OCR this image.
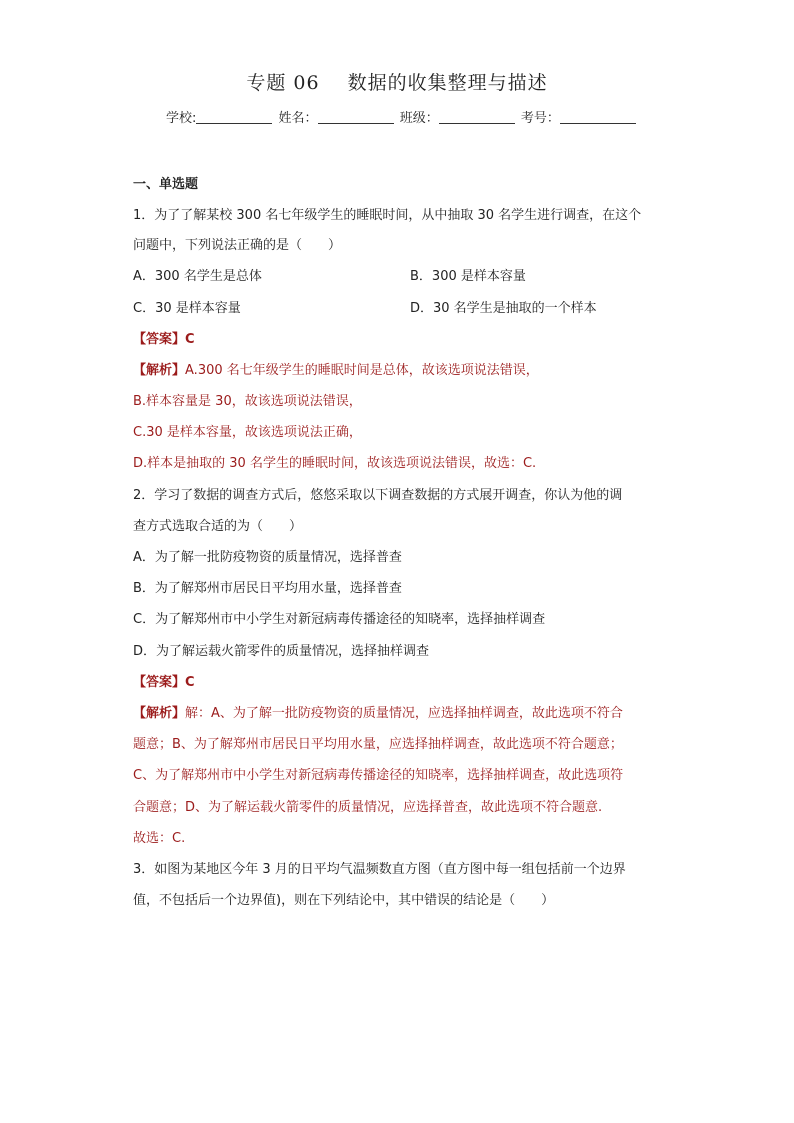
专题 06 数据的收集整理与描述
学校:	姓名：	班级：	考号：
一、单选题
1．为了了解某校 300 名七年级学生的睡眠时间，从中抽取 30 名学生进行调查，在这个
问题中，下列说法正确的是（　　）
A．300 名学生是总体	B．300 是样本容量
C．30 是样本容量	D．30 名学生是抽取的一个样本
【答案】C
【解析】A.300 名七年级学生的睡眠时间是总体，故该选项说法错误，
B.样本容量是 30，故该选项说法错误，
C.30 是样本容量，故该选项说法正确，
D.样本是抽取的 30 名学生的睡眠时间，故该选项说法错误，故选：C.
2．学习了数据的调查方式后，悠悠采取以下调查数据的方式展开调查，你认为他的调
查方式选取合适的为（　　）
A．为了解一批防疫物资的质量情况，选择普查
B．为了解郑州市居民日平均用水量，选择普查
C．为了解郑州市中小学生对新冠病毒传播途径的知晓率，选择抽样调查
D．为了解运载火箭零件的质量情况，选择抽样调查
【答案】C
【解析】解：A、为了解一批防疫物资的质量情况，应选择抽样调查，故此选项不符合
题意；B、为了解郑州市居民日平均用水量，应选择抽样调查，故此选项不符合题意；
C、为了解郑州市中小学生对新冠病毒传播途径的知晓率，选择抽样调查，故此选项符
合题意；D、为了解运载火箭零件的质量情况，应选择普查，故此选项不符合题意.
故选：C.
3．如图为某地区今年 3 月的日平均气温频数直方图（直方图中每一组包括前一个边界
值，不包括后一个边界值)，则在下列结论中，其中错误的结论是（　　）
